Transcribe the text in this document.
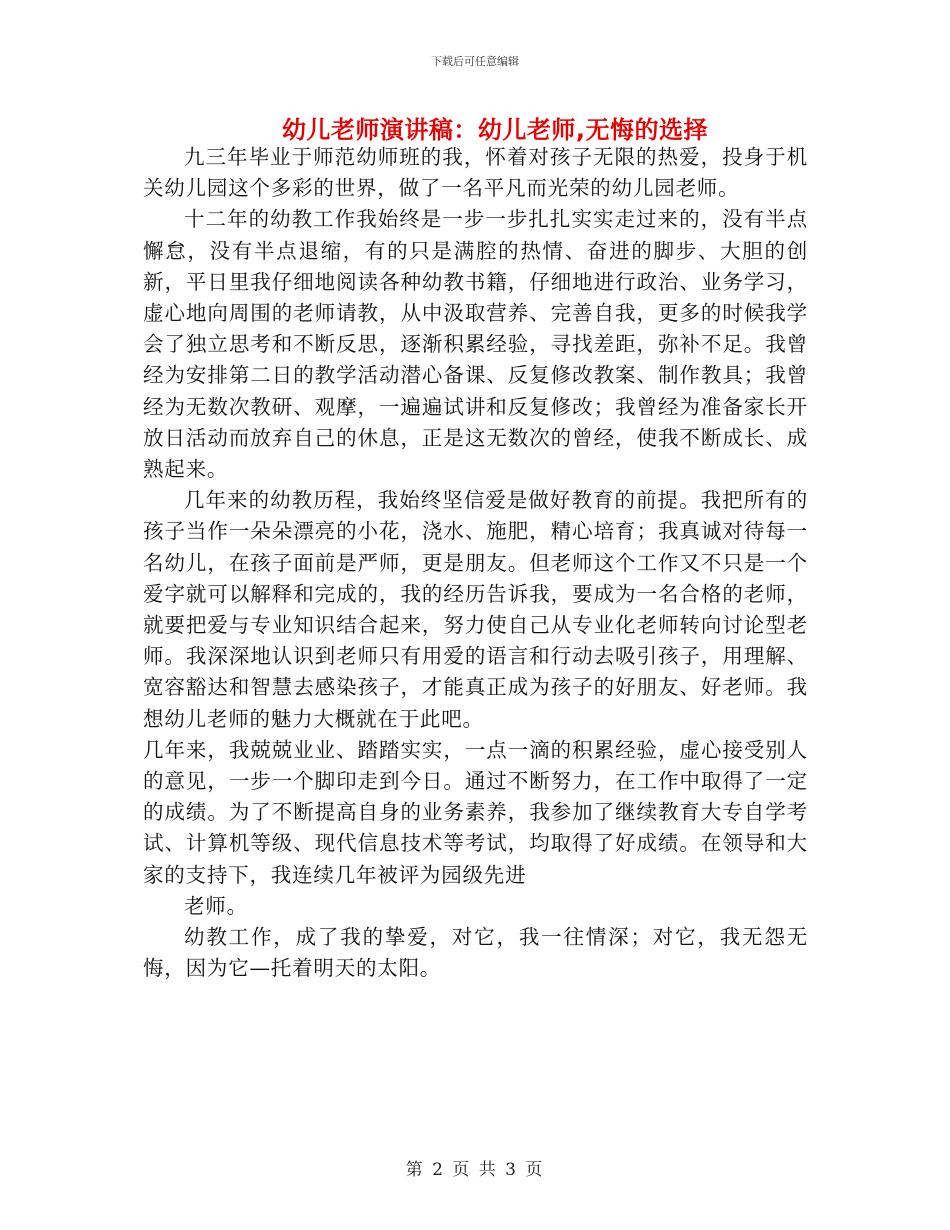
下载后可任意编辑
幼儿老师演讲稿：幼儿老师,无悔的选择

九三年毕业于师范幼师班的我，怀着对孩子无限的热爱，投身于机关幼儿园这个多彩的世界，做了一名平凡而光荣的幼儿园老师。

十二年的幼教工作我始终是一步一步扎扎实实走过来的，没有半点懈怠，没有半点退缩，有的只是满腔的热情、奋进的脚步、大胆的创新，平日里我仔细地阅读各种幼教书籍，仔细地进行政治、业务学习，虚心地向周围的老师请教，从中汲取营养、完善自我，更多的时候我学会了独立思考和不断反思，逐渐积累经验，寻找差距，弥补不足。我曾经为安排第二日的教学活动潜心备课、反复修改教案、制作教具；我曾经为无数次教研、观摩，一遍遍试讲和反复修改；我曾经为准备家长开放日活动而放弃自己的休息，正是这无数次的曾经，使我不断成长、成熟起来。

几年来的幼教历程，我始终坚信爱是做好教育的前提。我把所有的孩子当作一朵朵漂亮的小花，浇水、施肥，精心培育；我真诚对待每一名幼儿，在孩子面前是严师，更是朋友。但老师这个工作又不只是一个爱字就可以解释和完成的，我的经历告诉我，要成为一名合格的老师，就要把爱与专业知识结合起来，努力使自己从专业化老师转向讨论型老师。我深深地认识到老师只有用爱的语言和行动去吸引孩子，用理解、宽容豁达和智慧去感染孩子，才能真正成为孩子的好朋友、好老师。我想幼儿老师的魅力大概就在于此吧。

几年来，我兢兢业业、踏踏实实，一点一滴的积累经验，虚心接受别人的意见，一步一个脚印走到今日。通过不断努力，在工作中取得了一定的成绩。为了不断提高自身的业务素养，我参加了继续教育大专自学考试、计算机等级、现代信息技术等考试，均取得了好成绩。在领导和大家的支持下，我连续几年被评为园级先进

老师。

幼教工作，成了我的挚爱，对它，我一往情深；对它，我无怨无悔，因为它—托着明天的太阳。

第 2 页 共 3 页
